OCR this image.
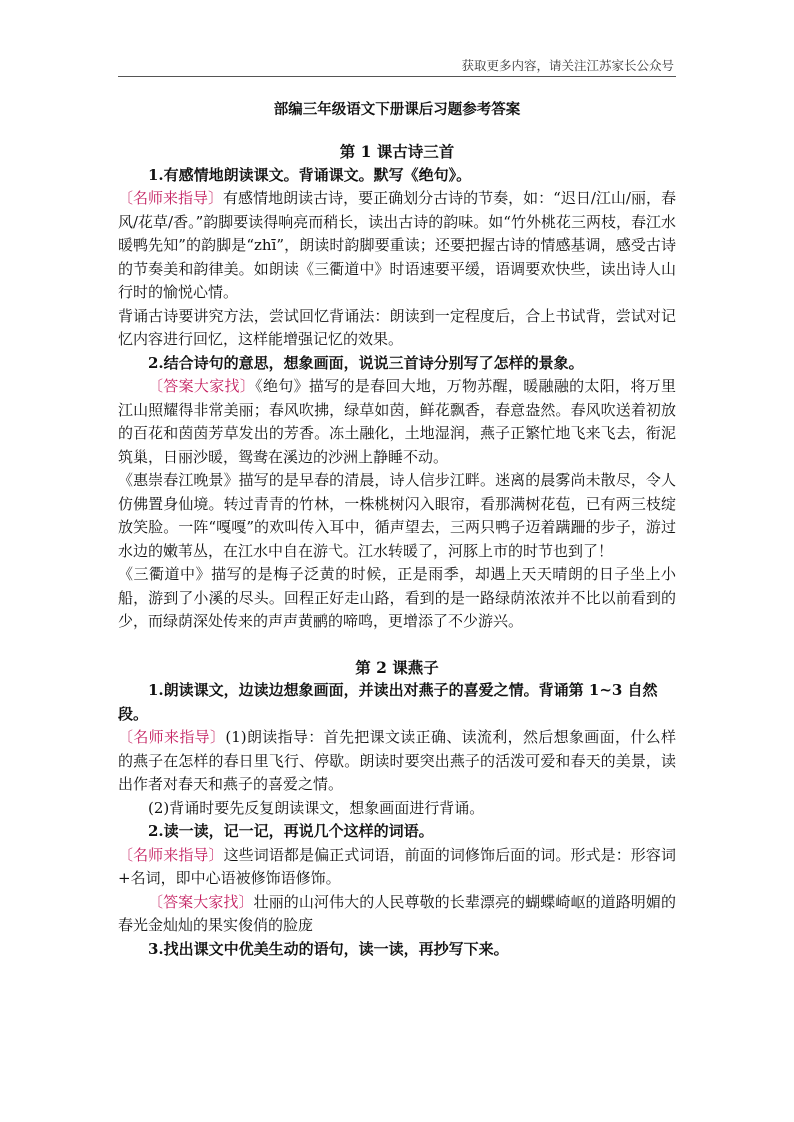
获取更多内容，请关注江苏家长公众号
部编三年级语文下册课后习题参考答案

第 1 课古诗三首

1.有感情地朗读课文。背诵课文。默写《绝句》。

〔名师来指导〕有感情地朗读古诗，要正确划分古诗的节奏，如：“迟日/江山/丽，春风/花草/香。”韵脚要读得响亮而稍长，读出古诗的韵味。如“竹外桃花三两枝，春江水暖鸭先知”的韵脚是“zhī”，朗读时韵脚要重读；还要把握古诗的情感基调，感受古诗的节奏美和韵律美。如朗读《三衢道中》时语速要平缓，语调要欢快些，读出诗人山行时的愉悦心情。

背诵古诗要讲究方法，尝试回忆背诵法：朗读到一定程度后，合上书试背，尝试对记忆内容进行回忆，这样能增强记忆的效果。

2.结合诗句的意思，想象画面，说说三首诗分别写了怎样的景象。

〔答案大家找〕《绝句》描写的是春回大地，万物苏醒，暖融融的太阳，将万里江山照耀得非常美丽；春风吹拂，绿草如茵，鲜花飘香，春意盎然。春风吹送着初放的百花和茵茵芳草发出的芳香。冻土融化，土地湿润，燕子正繁忙地飞来飞去，衔泥筑巢，日丽沙暖，鸳鸯在溪边的沙洲上静睡不动。

《惠崇春江晚景》描写的是早春的清晨，诗人信步江畔。迷离的晨雾尚未散尽，令人仿佛置身仙境。转过青青的竹林，一株桃树闪入眼帘，看那满树花苞，已有两三枝绽放笑脸。一阵“嘎嘎”的欢叫传入耳中，循声望去，三两只鸭子迈着蹒跚的步子，游过水边的嫩苇丛，在江水中自在游弋。江水转暖了，河豚上市的时节也到了！

《三衢道中》描写的是梅子泛黄的时候，正是雨季，却遇上天天晴朗的日子坐上小船，游到了小溪的尽头。回程正好走山路，看到的是一路绿荫浓浓并不比以前看到的少，而绿荫深处传来的声声黄鹂的啼鸣，更增添了不少游兴。

第 2 课燕子

1.朗读课文，边读边想象画面，并读出对燕子的喜爱之情。背诵第 1~3 自然段。

〔名师来指导〕(1)朗读指导：首先把课文读正确、读流利，然后想象画面，什么样的燕子在怎样的春日里飞行、停歇。朗读时要突出燕子的活泼可爱和春天的美景，读出作者对春天和燕子的喜爱之情。

(2)背诵时要先反复朗读课文，想象画面进行背诵。

2.读一读，记一记，再说几个这样的词语。

〔名师来指导〕这些词语都是偏正式词语，前面的词修饰后面的词。形式是：形容词+名词，即中心语被修饰语修饰。

〔答案大家找〕壮丽的山河伟大的人民尊敬的长辈漂亮的蝴蝶崎岖的道路明媚的春光金灿灿的果实俊俏的脸庞

3.找出课文中优美生动的语句，读一读，再抄写下来。
